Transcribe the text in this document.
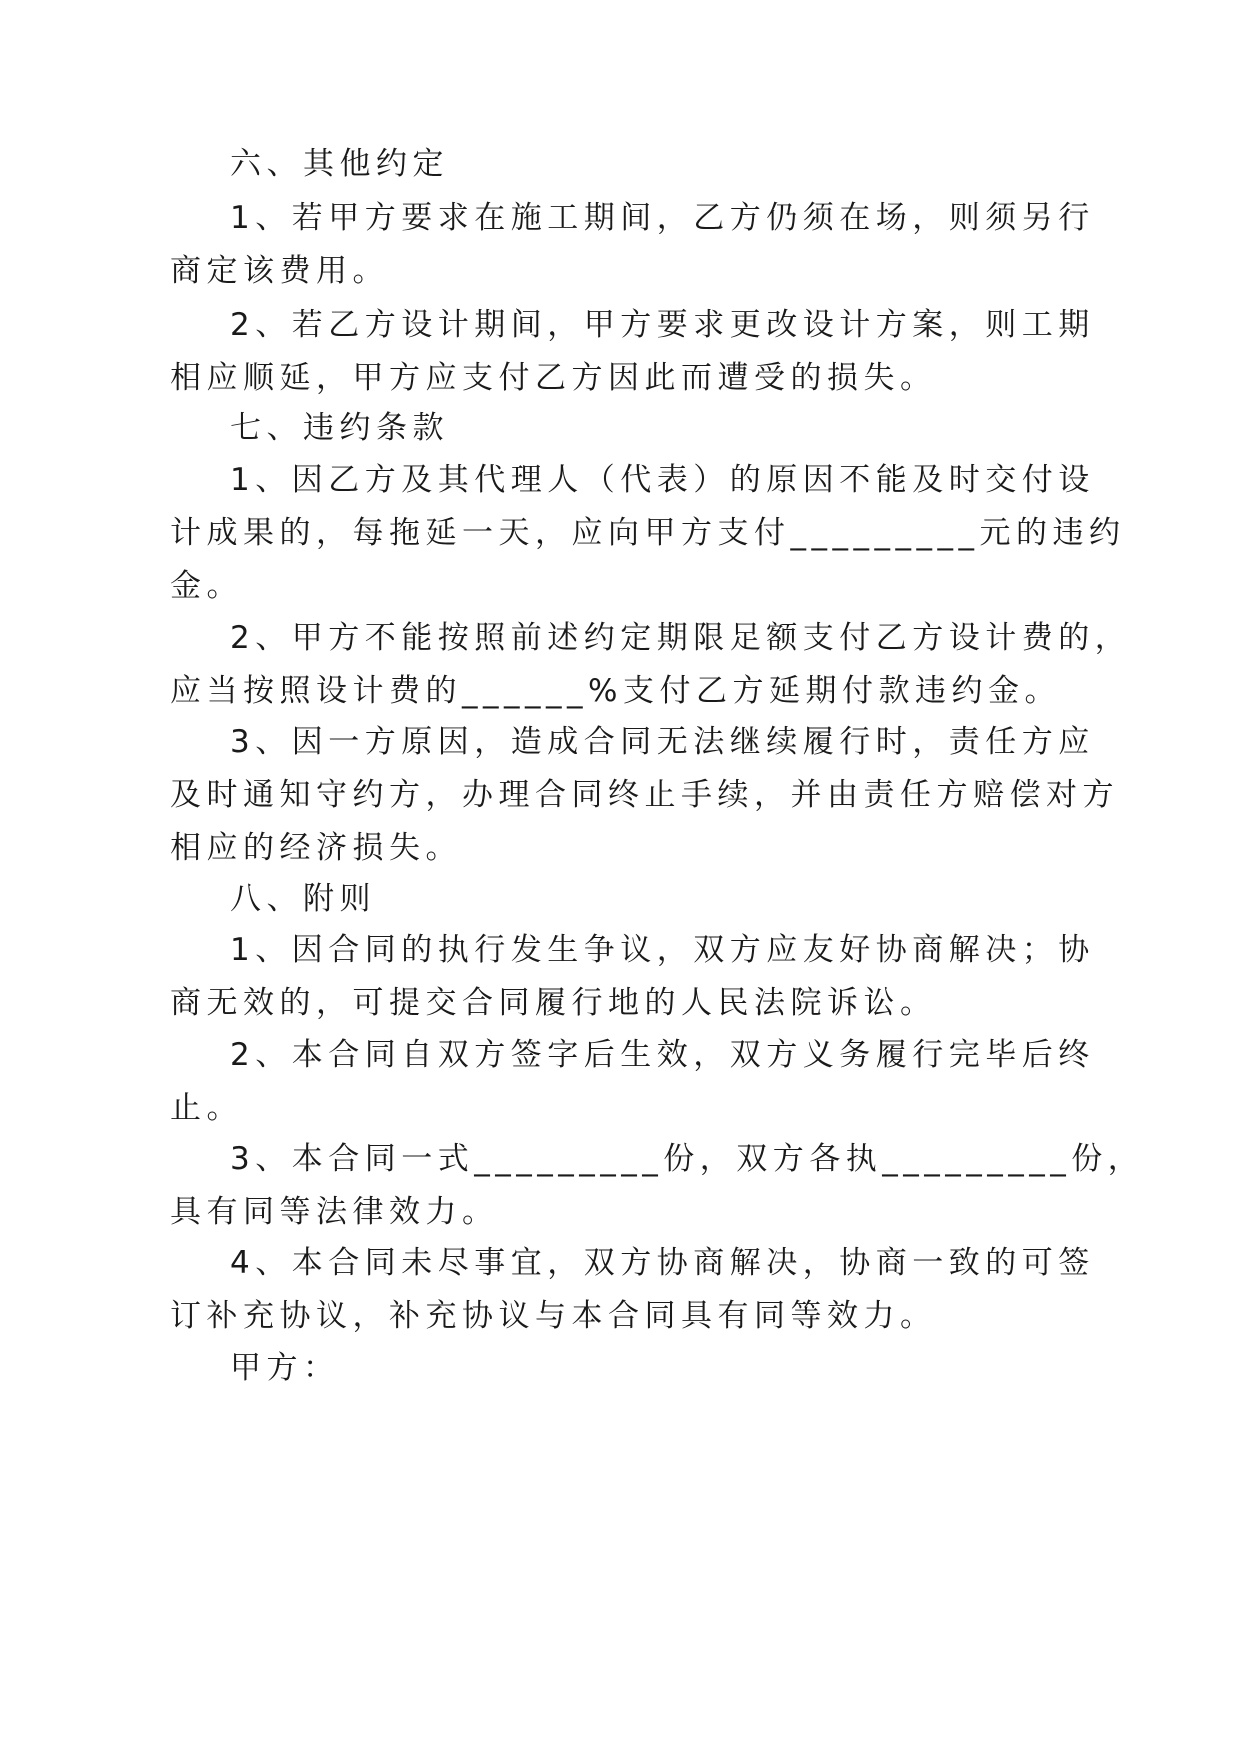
六、其他约定
1、若甲方要求在施工期间，乙方仍须在场，则须另行
商定该费用。
2、若乙方设计期间，甲方要求更改设计方案，则工期
相应顺延，甲方应支付乙方因此而遭受的损失。
七、违约条款
1、因乙方及其代理人（代表）的原因不能及时交付设
计成果的，每拖延一天，应向甲方支付_________元的违约
金。
2、甲方不能按照前述约定期限足额支付乙方设计费的，
应当按照设计费的______%支付乙方延期付款违约金。
3、因一方原因，造成合同无法继续履行时，责任方应
及时通知守约方，办理合同终止手续，并由责任方赔偿对方
相应的经济损失。
八、附则
1、因合同的执行发生争议，双方应友好协商解决；协
商无效的，可提交合同履行地的人民法院诉讼。
2、本合同自双方签字后生效，双方义务履行完毕后终
止。
3、本合同一式_________份，双方各执_________份，
具有同等法律效力。
4、本合同未尽事宜，双方协商解决，协商一致的可签
订补充协议，补充协议与本合同具有同等效力。
甲方：
